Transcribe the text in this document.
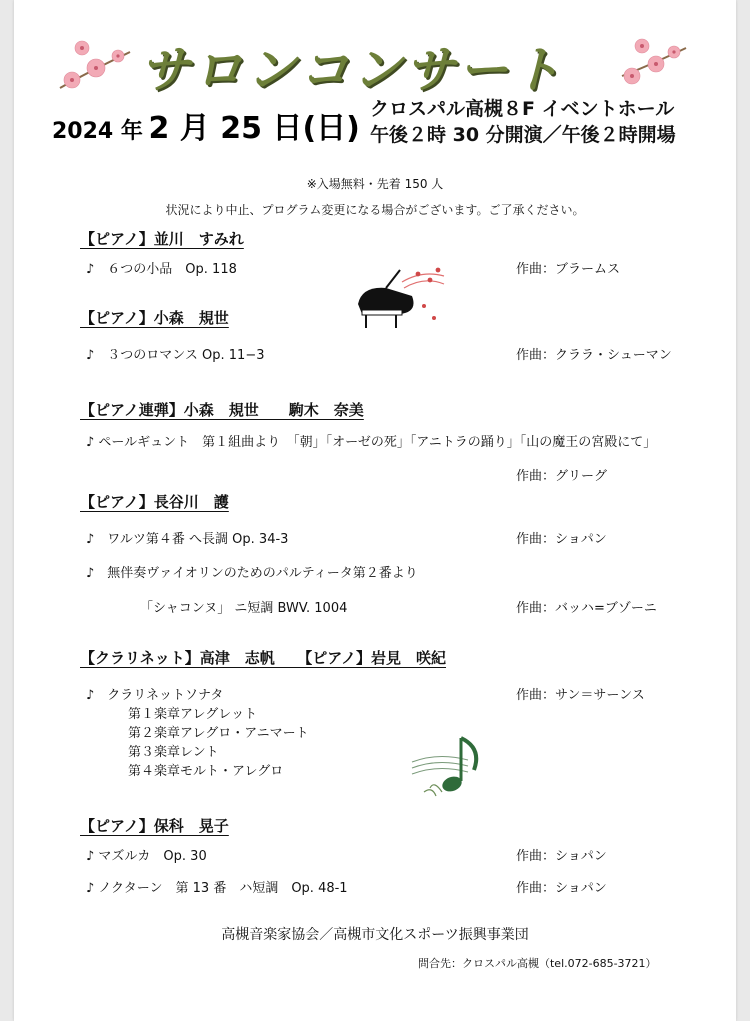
サロンコンサート
2024 年 2 月 25 日(日)
クロスパル高槻８F イベントホール
午後２時 30 分開演／午後２時開場
※入場無料・先着 150 人
状況により中止、プログラム変更になる場合がございます。ご了承ください。
【ピアノ】並川　すみれ
♪　６つの小品　Op. 118	作曲：ブラームス
【ピアノ】小森　規世
♪　３つのロマンス Op. 11−3	作曲：クララ・シューマン
【ピアノ連弾】小森　規世　　駒木　奈美
♪ ペールギュント　第１組曲より　「朝」「オーゼの死」「アニトラの踊り」「山の魔王の宮殿にて」
作曲：グリーグ
【ピアノ】長谷川　護
♪　ワルツ第４番 へ長調 Op. 34-3	作曲：ショパン
♪　無伴奏ヴァイオリンのためのパルティータ第２番より
「シャコンヌ」 ニ短調 BWV. 1004	作曲：バッハ=ブゾーニ
【クラリネット】高津　志帆　　【ピアノ】岩見　咲紀
♪　クラリネットソナタ	作曲：サン＝サーンス
第１楽章アレグレット
第２楽章アレグロ・アニマート
第３楽章レント
第４楽章モルト・アレグロ
【ピアノ】保科　晃子
♪ マズルカ　Op. 30	作曲：ショパン
♪ ノクターン　第 13 番　ハ短調　Op. 48-1	作曲：ショパン
高槻音楽家協会／高槻市文化スポーツ振興事業団
問合先：クロスパル高槻（tel.072-685-3721）
